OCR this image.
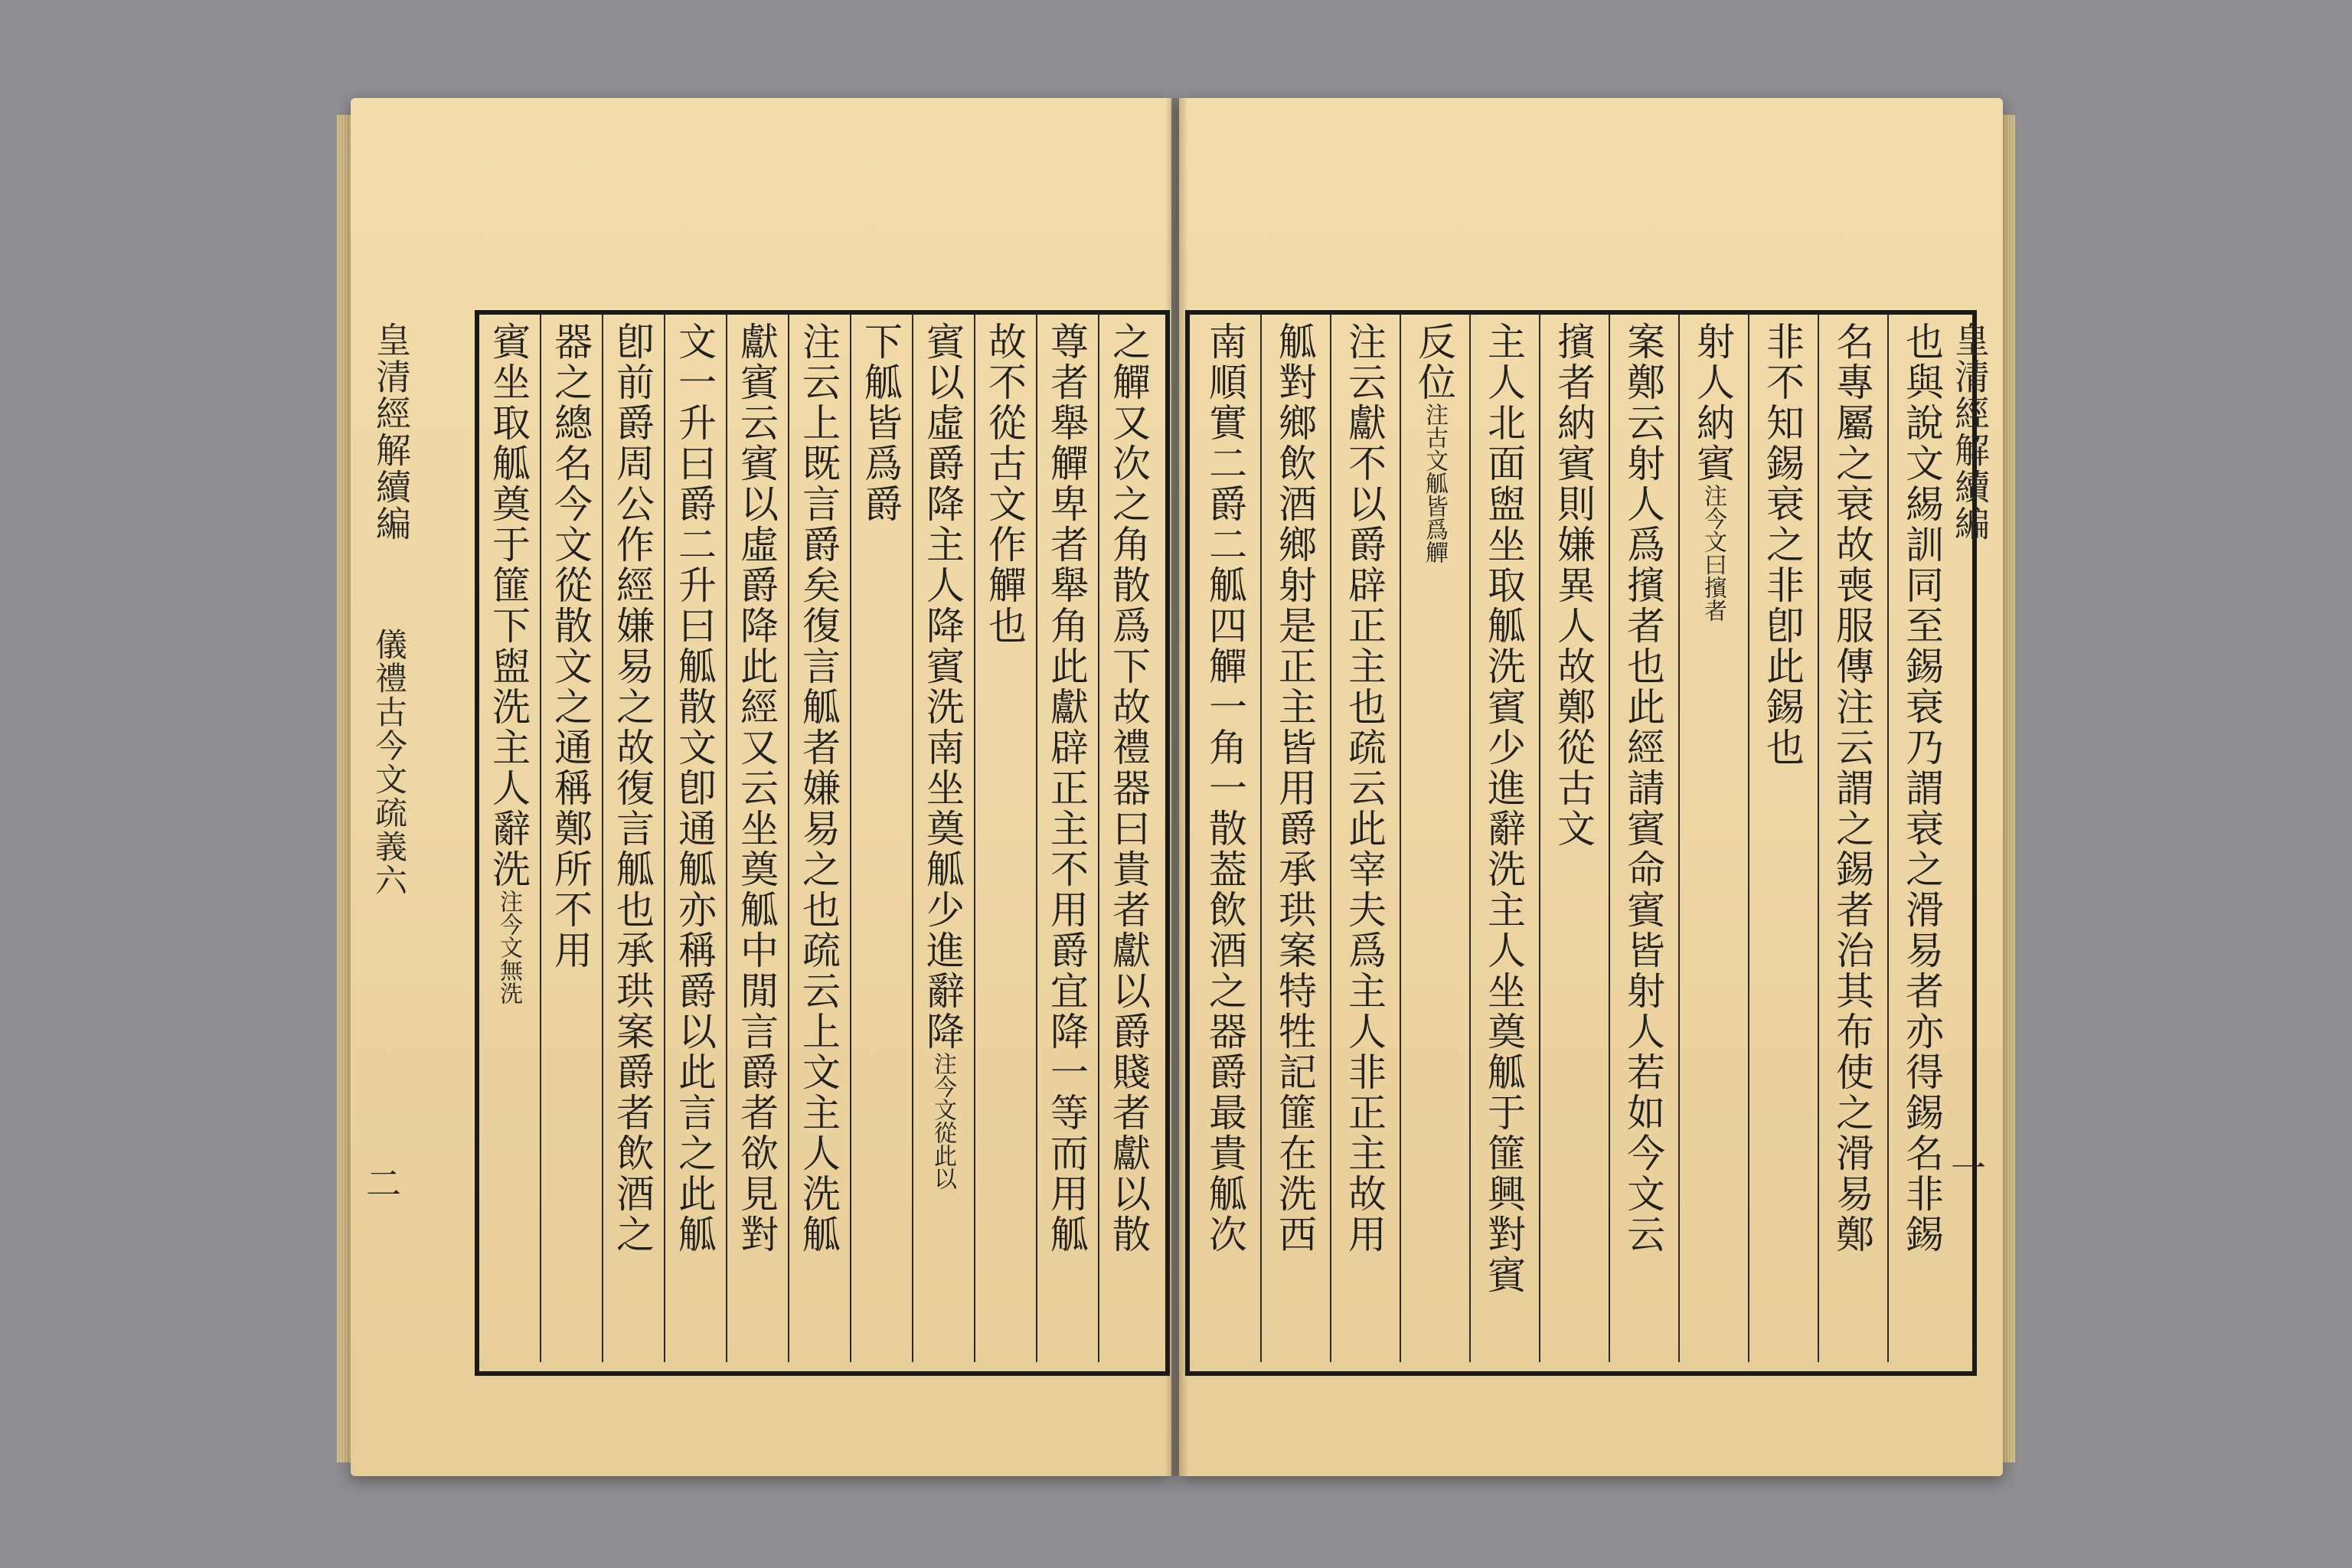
皇清經解續編
儀禮古今文疏義六
二
皇清經解續編
一
之觶又次之角散爲下故禮器曰貴者獻以爵賤者獻以散
尊者舉觶卑者舉角此獻辟正主不用爵宜降一等而用觚
故不從古文作觶也
賓以虛爵降主人降賓洗南坐奠觚少進辭降注今文從此以
下觚皆爲爵
注云上既言爵矣復言觚者嫌易之也疏云上文主人洗觚
獻賓云賓以虛爵降此經又云坐奠觚中閒言爵者欲見對
文一升曰爵二升曰觚散文卽通觚亦稱爵以此言之此觚
卽前爵周公作經嫌易之故復言觚也承珙案爵者飲酒之
器之總名今文從散文之通稱鄭所不用
賓坐取觚奠于篚下盥洗主人辭洗注今文無洗	也與說文緆訓同至錫衰乃謂衰之滑易者亦得錫名非錫
名專屬之衰故喪服傳注云謂之錫者治其布使之滑易鄭
非不知錫衰之非卽此錫也
射人納賓注今文曰擯者
案鄭云射人爲擯者也此經請賓命賓皆射人若如今文云
擯者納賓則嫌異人故鄭從古文
主人北面盥坐取觚洗賓少進辭洗主人坐奠觚于篚興對賓
反位注古文觚皆爲觶
注云獻不以爵辟正主也疏云此宰夫爲主人非正主故用
觚對鄉飲酒鄉射是正主皆用爵承珙案特牲記篚在洗西
南順實二爵二觚四觶一角一散葢飲酒之器爵最貴觚次
